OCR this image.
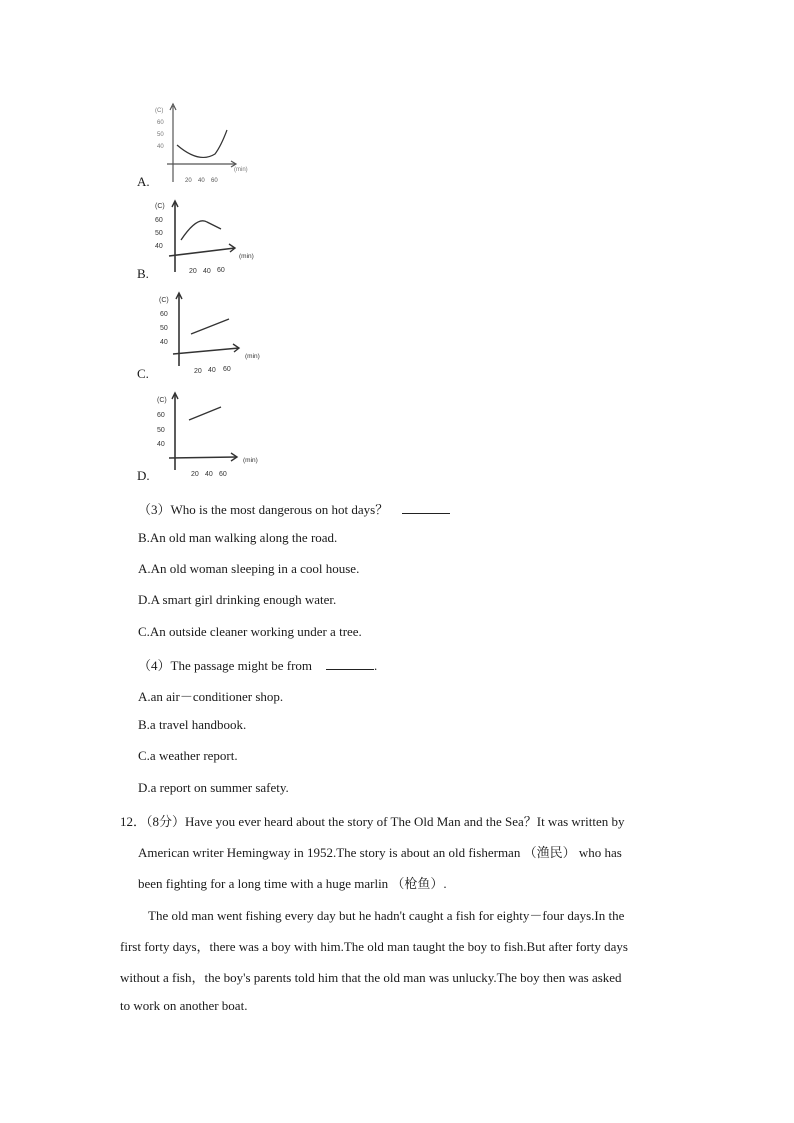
A.
(C)
60
50
40
20 40 60
(min)
B.
(C)
60
50
40
20 40 60
(min)
C.
(C)
60
50
40
20 40 60
(min)
D.
(C)
60
50
40
20 40 60
(min)
（3）Who is the most dangerous on hot days？
B.An old man walking along the road.
A.An old woman sleeping in a cool house.
D.A smart girl drinking enough water.
C.An outside cleaner working under a tree.
（4）The passage might be from	.
A.an air－conditioner shop.
B.a travel handbook.
C.a weather report.
D.a report on summer safety.
12．（8分）Have you ever heard about the story of The Old Man and the Sea？It was written by
American writer Hemingway in 1952.The story is about an old fisherman （渔民） who has
been fighting for a long time with a huge marlin （枪鱼）.
The old man went fishing every day but he hadn't caught a fish for eighty－four days.In the
first forty days，there was a boy with him.The old man taught the boy to fish.But after forty days
without a fish，the boy's parents told him that the old man was unlucky.The boy then was asked
to work on another boat.
